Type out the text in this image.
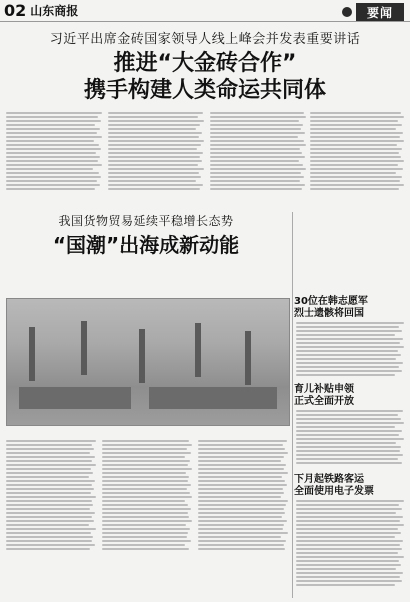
02 山东商报	要闻
习近平出席金砖国家领导人线上峰会并发表重要讲话
推进“大金砖合作”
携手构建人类命运共同体
我国货物贸易延续平稳增长态势
“国潮”出海成新动能
30位在韩志愿军
烈士遗骸将回国
育儿补贴申领
正式全面开放
下月起铁路客运
全面使用电子发票
